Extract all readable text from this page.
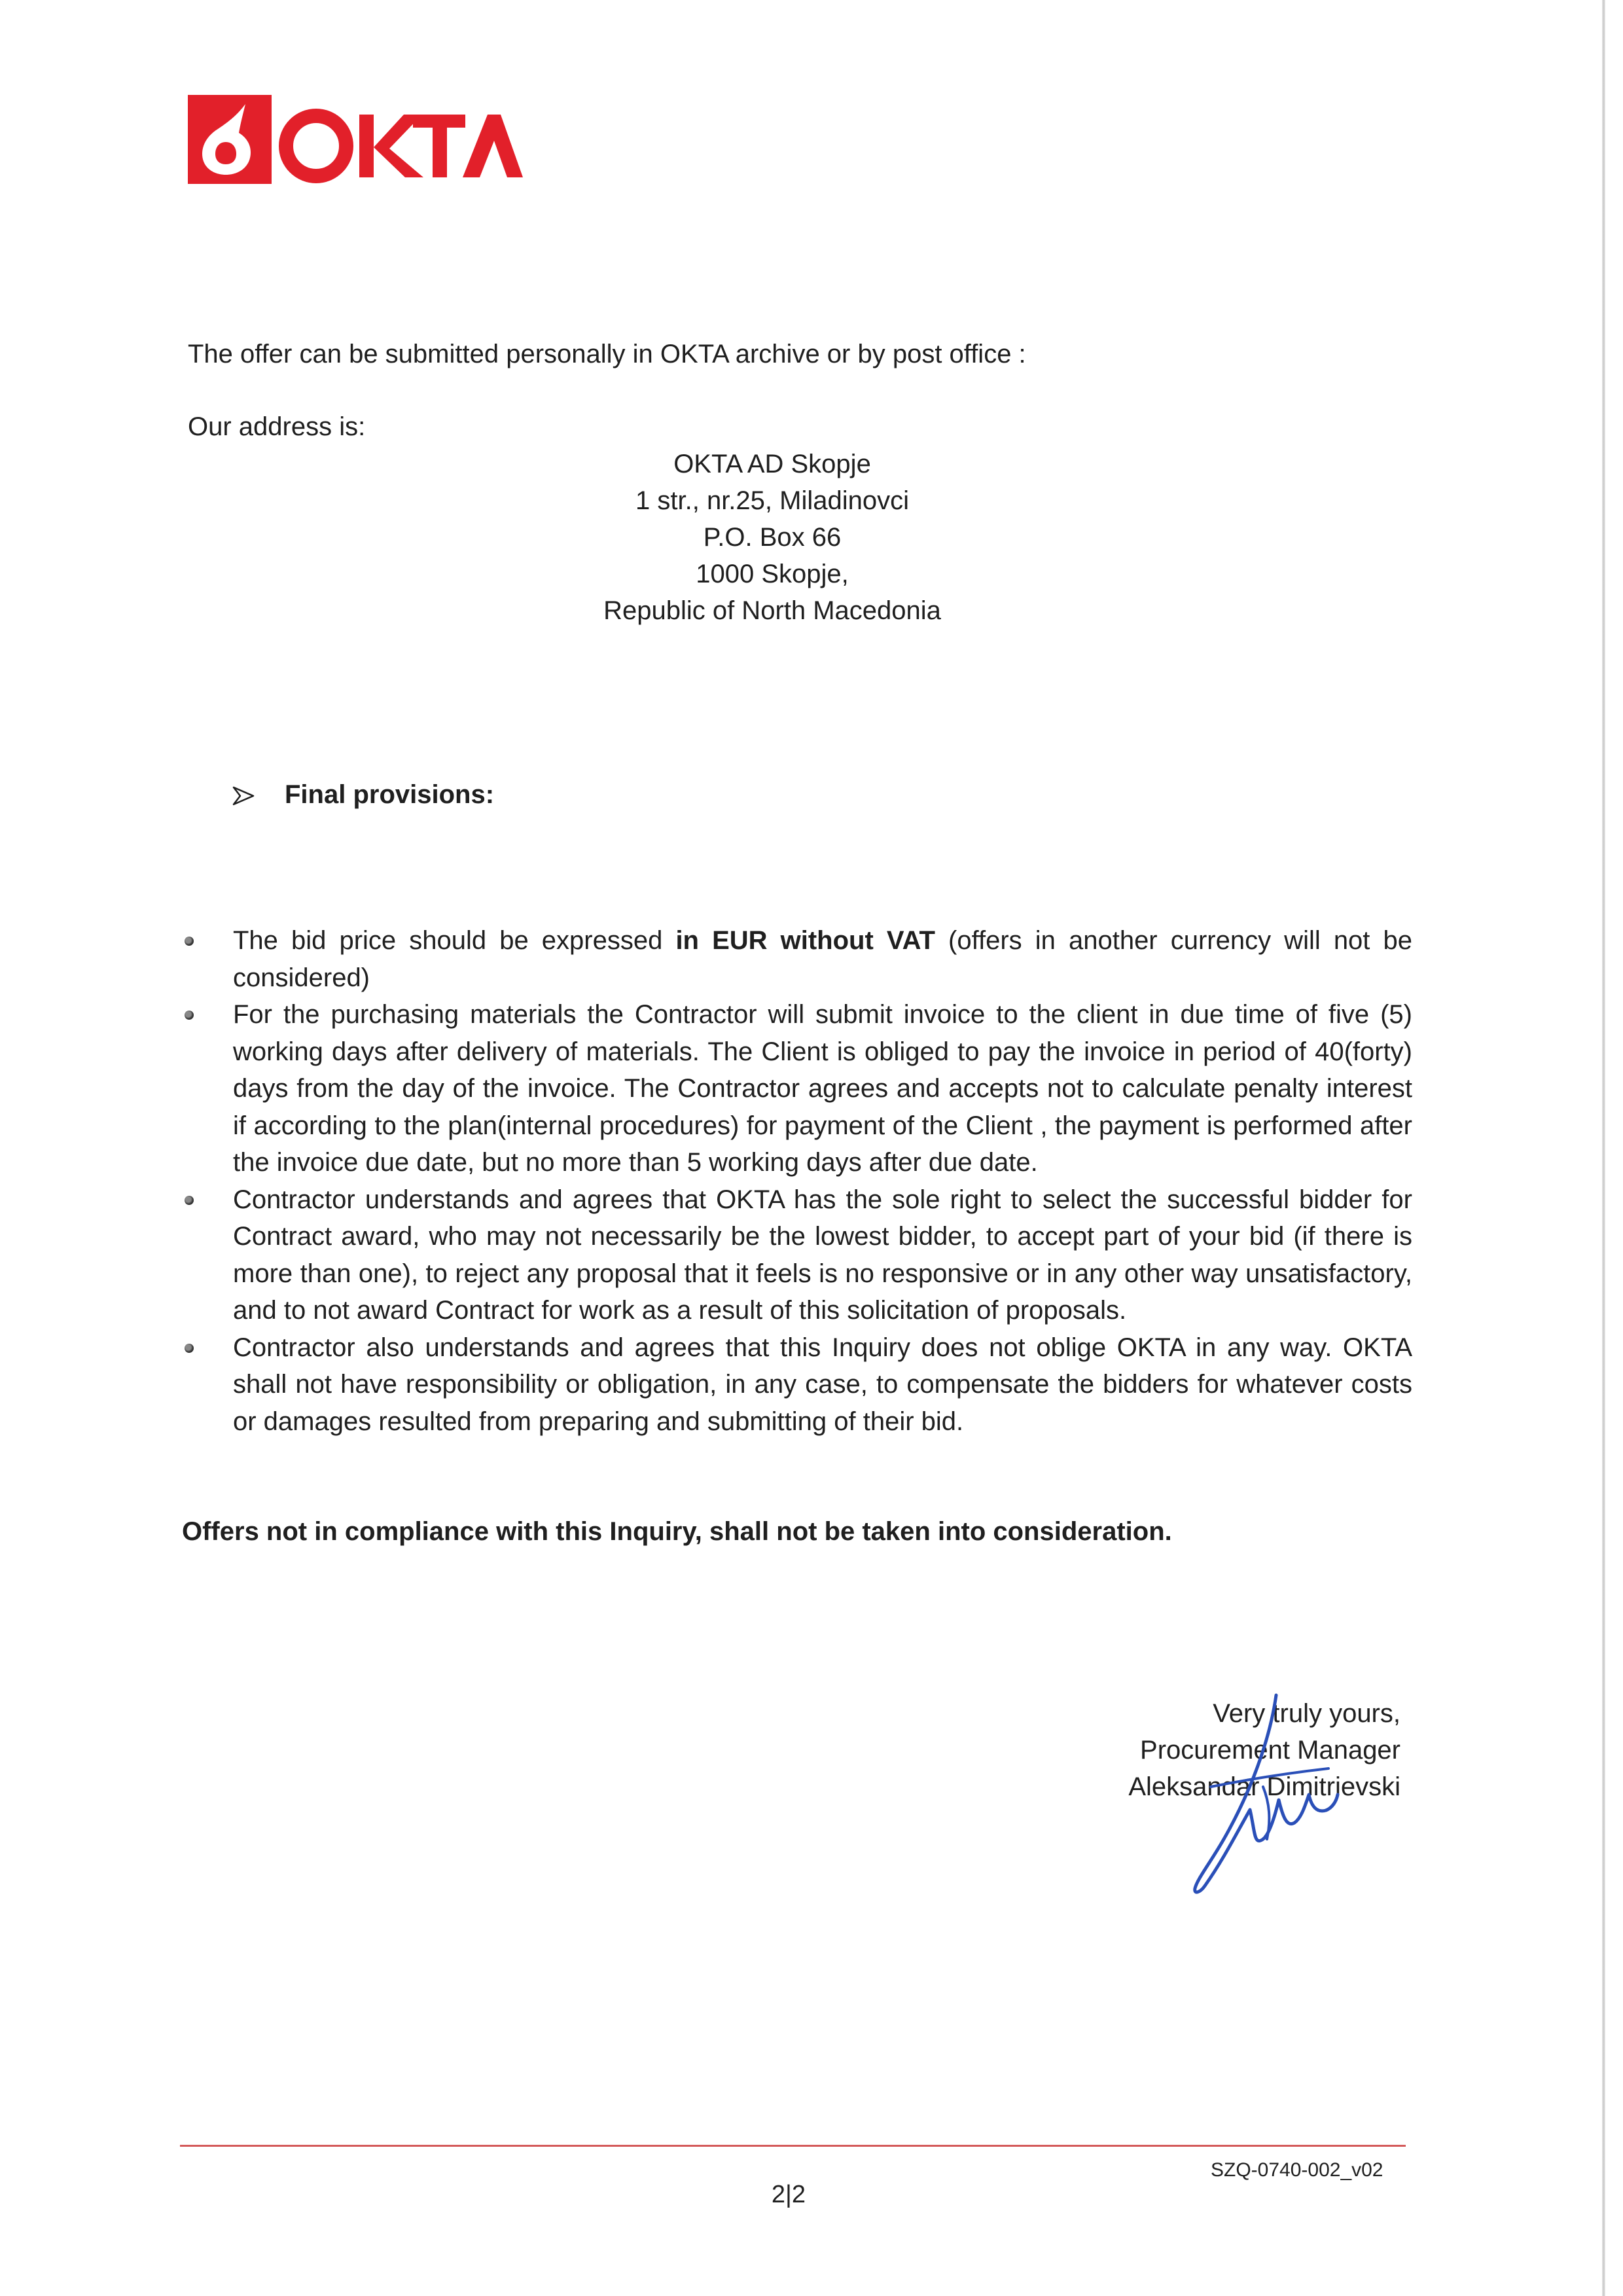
The offer can be submitted personally in OKTA archive or by post office :

Our address is:

OKTA AD Skopje
1 str., nr.25, Miladinovci
P.O. Box 66
1000 Skopje,
Republic of North Macedonia
Final provisions:
The bid price should be expressed in EUR without VAT (offers in another currency will not be considered)
For the purchasing materials the Contractor will submit invoice to the client in due time of five (5) working days after delivery of materials. The Client is obliged to pay the invoice in period of 40(forty) days from the day of the invoice. The Contractor agrees and accepts not to calculate penalty interest if according to the plan(internal procedures) for payment of the Client , the payment is performed after the invoice due date, but no more than 5 working days after due date.
Contractor understands and agrees that OKTA has the sole right to select the successful bidder for Contract award, who may not necessarily be the lowest bidder, to accept part of your bid (if there is more than one), to reject any proposal that it feels is no responsive or in any other way unsatisfactory, and to not award Contract for work as a result of this solicitation of proposals.
Contractor also understands and agrees that this Inquiry does not oblige OKTA in any way. OKTA shall not have responsibility or obligation, in any case, to compensate the bidders for whatever costs or damages resulted from preparing and submitting of their bid.
Offers not in compliance with this Inquiry, shall not be taken into consideration.
Very truly yours,
Procurement Manager
Aleksandar Dimitrievski
SZQ-0740-002_v02
2|2
